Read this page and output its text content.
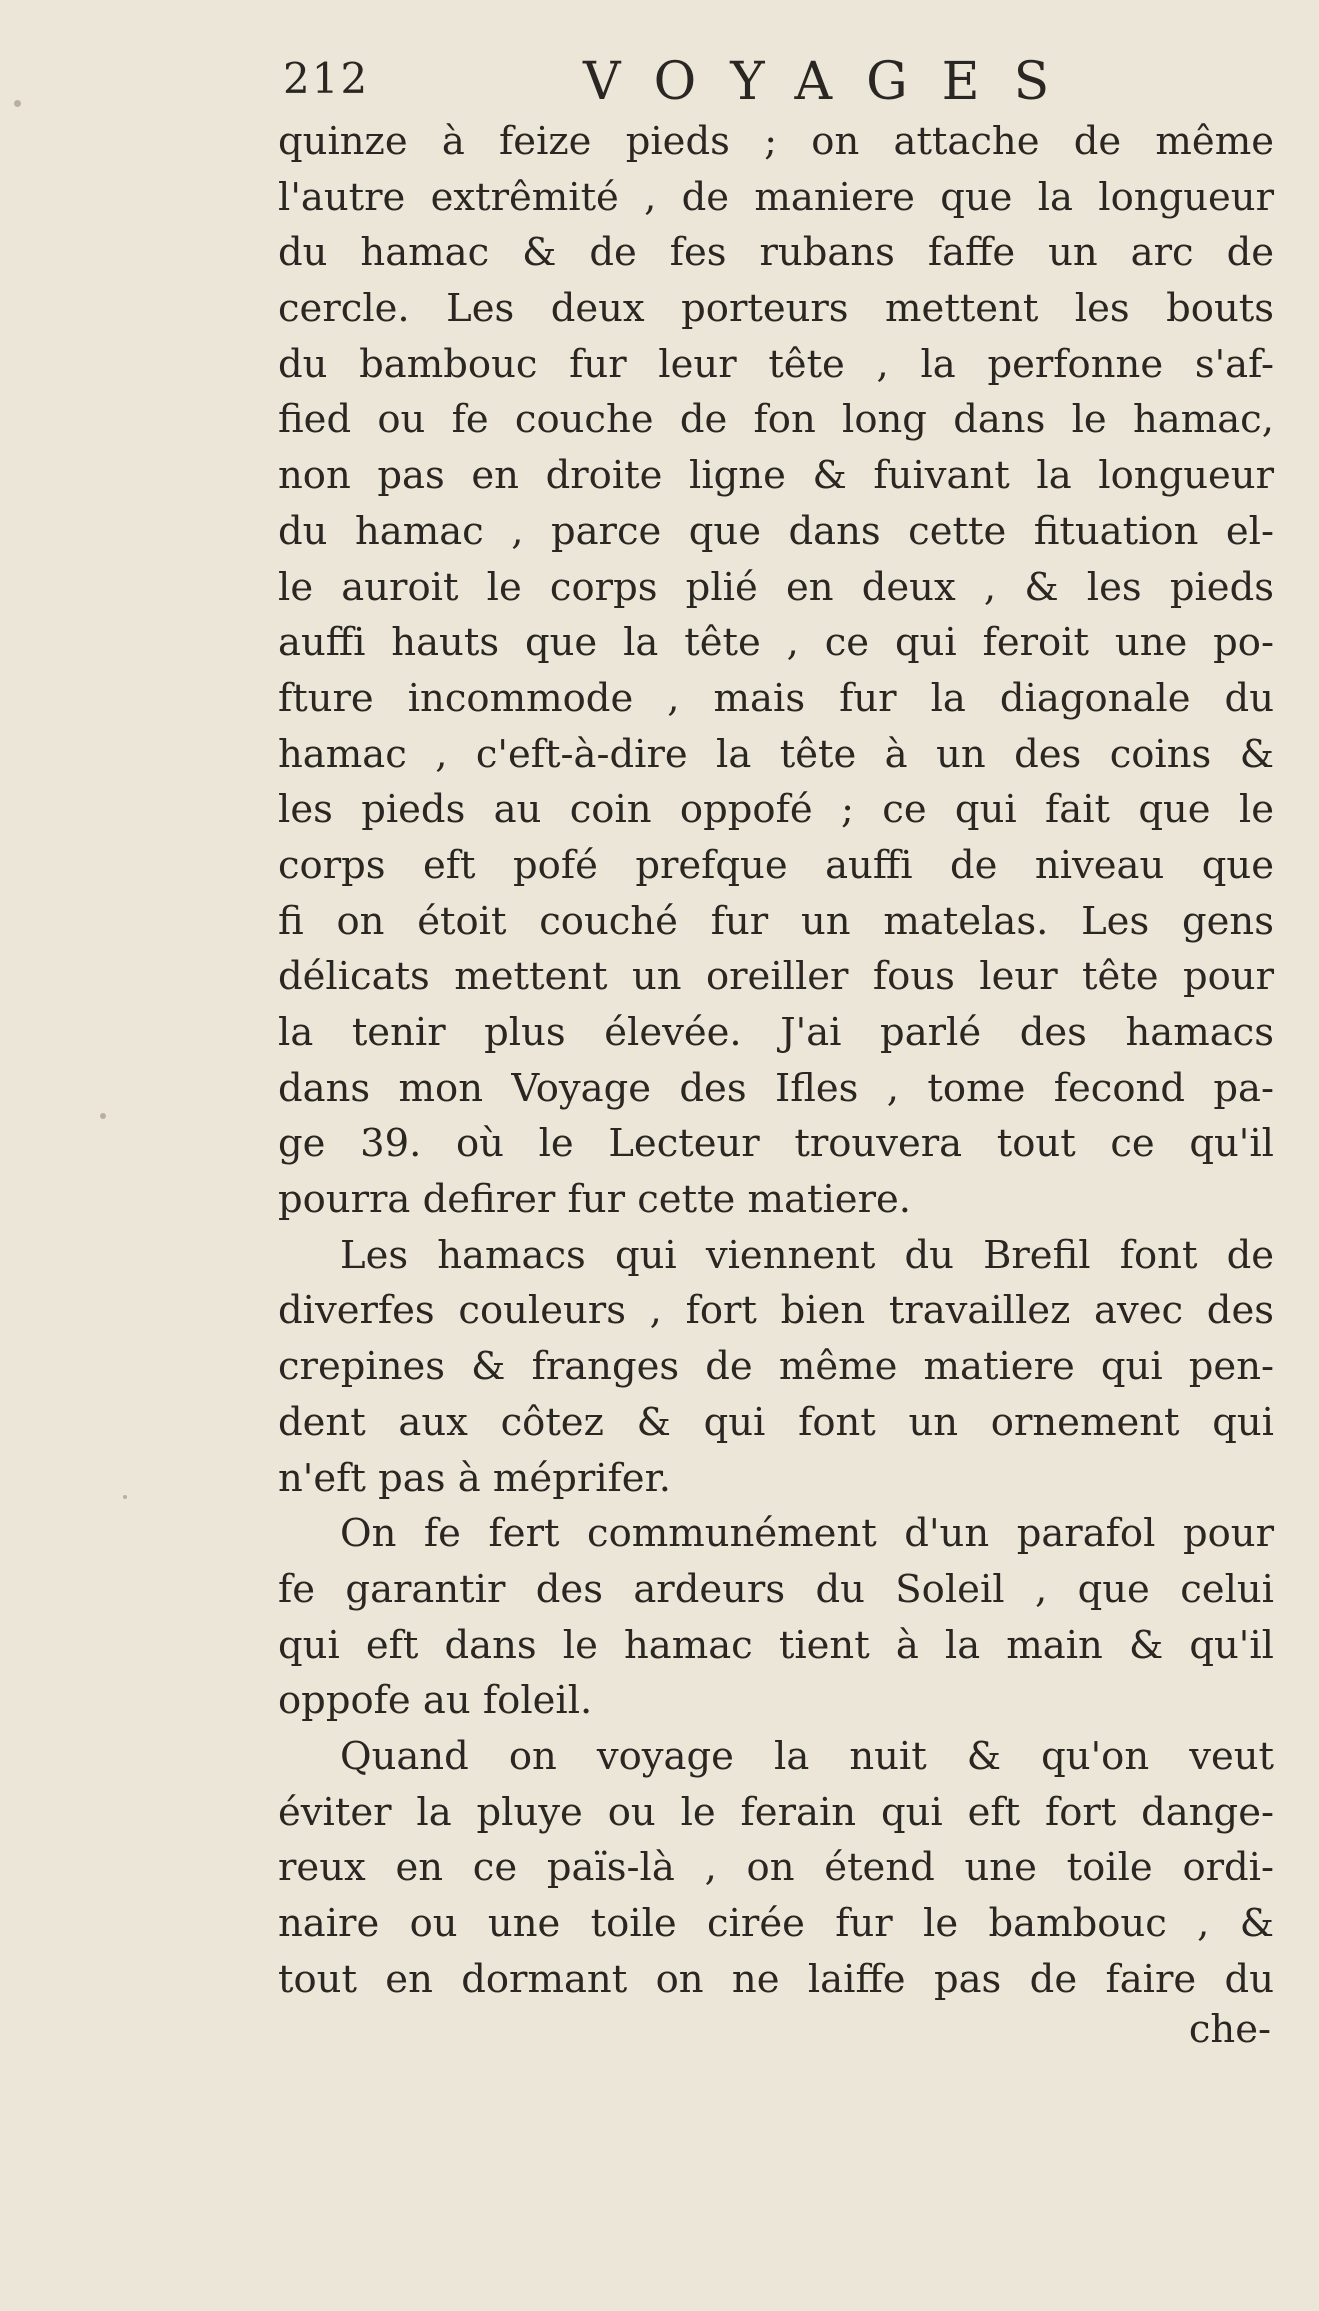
212	VOYAGES
quinze à feize pieds ; on attache de même
l'autre extrêmité , de maniere que la longueur
du hamac & de fes rubans faffe un arc de
cercle. Les deux porteurs mettent les bouts
du bambouc fur leur tête , la perfonne s'af-
fied ou fe couche de fon long dans le hamac,
non pas en droite ligne & fuivant la longueur
du hamac , parce que dans cette fituation el-
le auroit le corps plié en deux , & les pieds
auffi hauts que la tête , ce qui feroit une po-
fture incommode , mais fur la diagonale du
hamac , c'eft-à-dire la tête à un des coins &
les pieds au coin oppofé ; ce qui fait que le
corps eft pofé prefque auffi de niveau que
fi on étoit couché fur un matelas. Les gens
délicats mettent un oreiller fous leur tête pour
la tenir plus élevée. J'ai parlé des hamacs
dans mon Voyage des Ifles , tome fecond pa-
ge 39. où le Lecteur trouvera tout ce qu'il
pourra defirer fur cette matiere.
Les hamacs qui viennent du Brefil font de
diverfes couleurs , fort bien travaillez avec des
crepines & franges de même matiere qui pen-
dent aux côtez & qui font un ornement qui
n'eft pas à méprifer.
On fe fert communément d'un parafol pour
fe garantir des ardeurs du Soleil , que celui
qui eft dans le hamac tient à la main & qu'il
oppofe au foleil.
Quand on voyage la nuit & qu'on veut
éviter la pluye ou le ferain qui eft fort dange-
reux en ce païs-là , on étend une toile ordi-
naire ou une toile cirée fur le bambouc , &
tout en dormant on ne laiffe pas de faire du
che-
